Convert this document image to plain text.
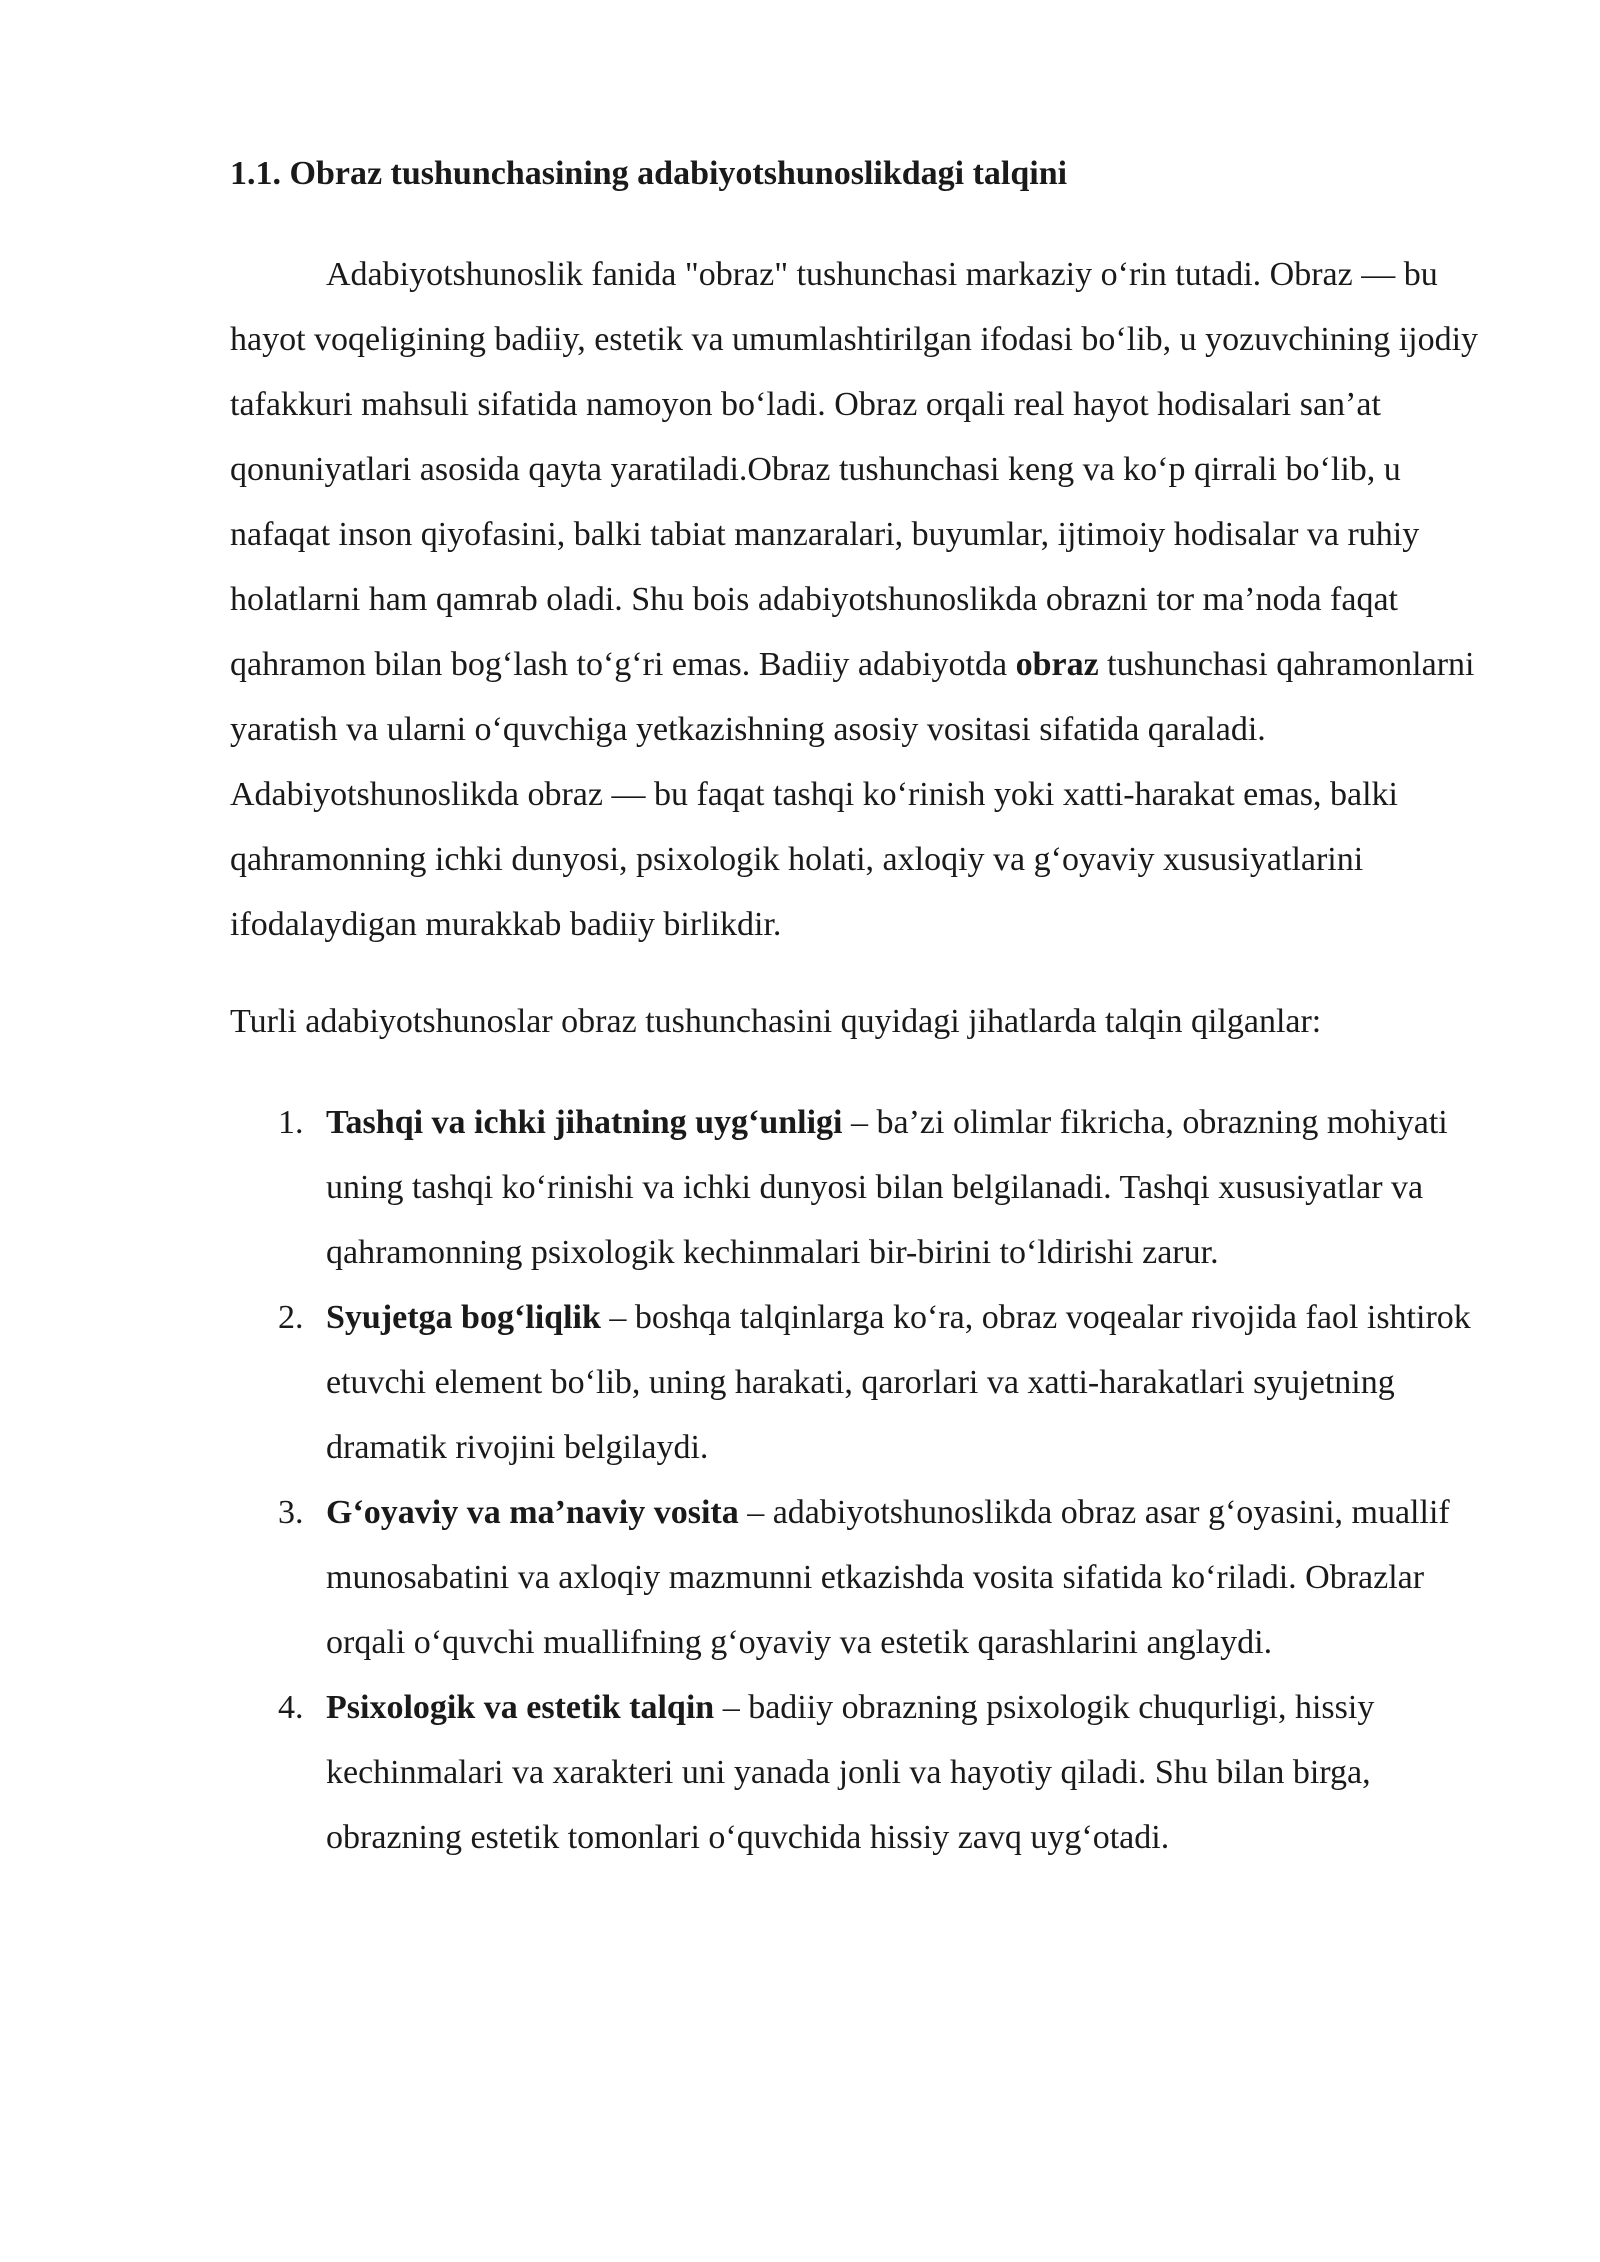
1.1. Obraz tushunchasining adabiyotshunoslikdagi talqini

Adabiyotshunoslik fanida "obraz" tushunchasi markaziy o‘rin tutadi. Obraz — bu hayot voqeligining badiiy, estetik va umumlashtirilgan ifodasi bo‘lib, u yozuvchining ijodiy tafakkuri mahsuli sifatida namoyon bo‘ladi. Obraz orqali real hayot hodisalari san’at qonuniyatlari asosida qayta yaratiladi.Obraz tushunchasi keng va ko‘p qirrali bo‘lib, u nafaqat inson qiyofasini, balki tabiat manzaralari, buyumlar, ijtimoiy hodisalar va ruhiy holatlarni ham qamrab oladi. Shu bois adabiyotshunoslikda obrazni tor ma’noda faqat qahramon bilan bog‘lash to‘g‘ri emas. Badiiy adabiyotda obraz tushunchasi qahramonlarni yaratish va ularni o‘quvchiga yetkazishning asosiy vositasi sifatida qaraladi. Adabiyotshunoslikda obraz — bu faqat tashqi ko‘rinish yoki xatti-harakat emas, balki qahramonning ichki dunyosi, psixologik holati, axloqiy va g‘oyaviy xususiyatlarini ifodalaydigan murakkab badiiy birlikdir.

Turli adabiyotshunoslar obraz tushunchasini quyidagi jihatlarda talqin qilganlar:

1. Tashqi va ichki jihatning uyg‘unligi – ba’zi olimlar fikricha, obrazning mohiyati uning tashqi ko‘rinishi va ichki dunyosi bilan belgilanadi. Tashqi xususiyatlar va qahramonning psixologik kechinmalari bir-birini to‘ldirishi zarur.
2. Syujetga bog‘liqlik – boshqa talqinlarga ko‘ra, obraz voqealar rivojida faol ishtirok etuvchi element bo‘lib, uning harakati, qarorlari va xatti-harakatlari syujetning dramatik rivojini belgilaydi.
3. G‘oyaviy va ma’naviy vosita – adabiyotshunoslikda obraz asar g‘oyasini, muallif munosabatini va axloqiy mazmunni etkazishda vosita sifatida ko‘riladi. Obrazlar orqali o‘quvchi muallifning g‘oyaviy va estetik qarashlarini anglaydi.
4. Psixologik va estetik talqin – badiiy obrazning psixologik chuqurligi, hissiy kechinmalari va xarakteri uni yanada jonli va hayotiy qiladi. Shu bilan birga, obrazning estetik tomonlari o‘quvchida hissiy zavq uyg‘otadi.
